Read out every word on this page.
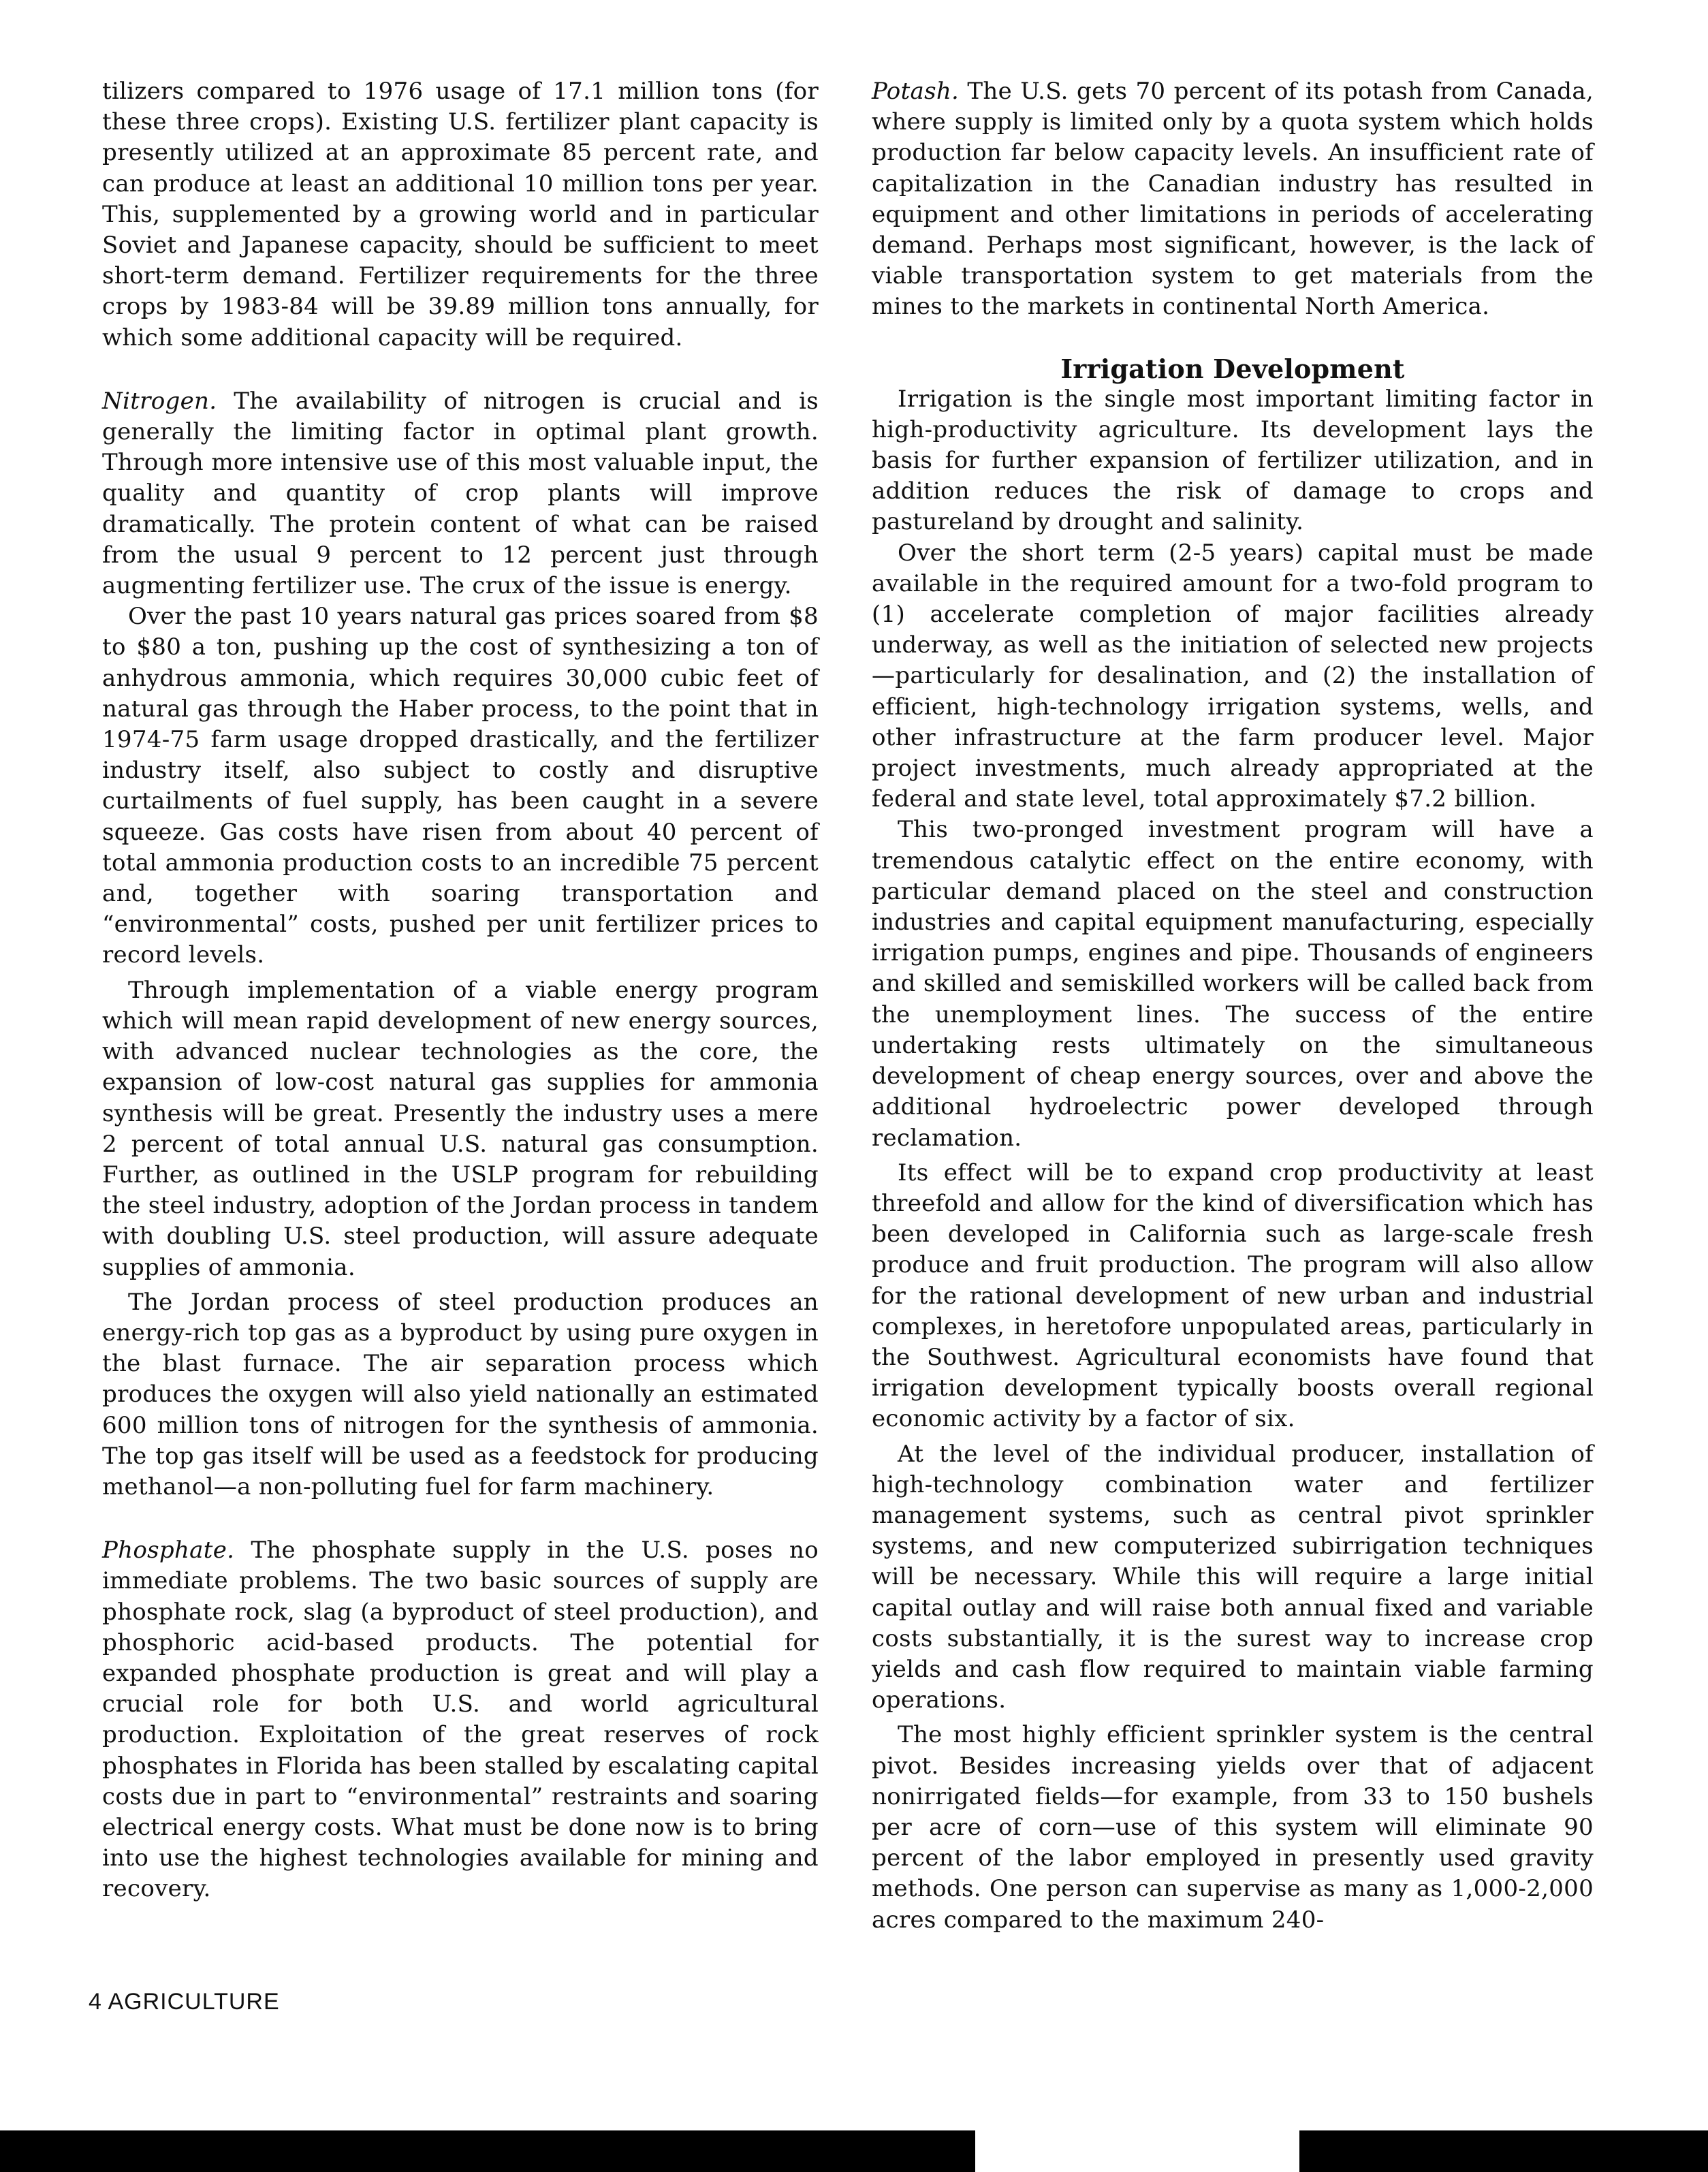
tilizers compared to 1976 usage of 17.1 million tons (for these three crops). Existing U.S. fertilizer plant capacity is presently utilized at an approximate 85 percent rate, and can produce at least an additional 10 million tons per year. This, supplemented by a growing world and in particular Soviet and Japanese capacity, should be sufficient to meet short-term demand. Fertilizer requirements for the three crops by 1983-84 will be 39.89 million tons annually, for which some additional capacity will be required.

Nitrogen. The availability of nitrogen is crucial and is generally the limiting factor in optimal plant growth. Through more intensive use of this most valuable input, the quality and quantity of crop plants will improve dramatically. The protein content of what can be raised from the usual 9 percent to 12 percent just through augmenting fertilizer use. The crux of the issue is energy.

Over the past 10 years natural gas prices soared from $8 to $80 a ton, pushing up the cost of synthesizing a ton of anhydrous ammonia, which requires 30,000 cubic feet of natural gas through the Haber process, to the point that in 1974-75 farm usage dropped drastically, and the fertilizer industry itself, also subject to costly and disruptive curtailments of fuel supply, has been caught in a severe squeeze. Gas costs have risen from about 40 percent of total ammonia production costs to an incredible 75 percent and, together with soaring transportation and “environmental” costs, pushed per unit fertilizer prices to record levels.

Through implementation of a viable energy program which will mean rapid development of new energy sources, with advanced nuclear technologies as the core, the expansion of low-cost natural gas supplies for ammonia synthesis will be great. Presently the industry uses a mere 2 percent of total annual U.S. natural gas consumption. Further, as outlined in the USLP program for rebuilding the steel industry, adoption of the Jordan process in tandem with doubling U.S. steel production, will assure adequate supplies of ammonia.

The Jordan process of steel production produces an energy-rich top gas as a byproduct by using pure oxygen in the blast furnace. The air separation process which produces the oxygen will also yield nationally an estimated 600 million tons of nitrogen for the synthesis of ammonia. The top gas itself will be used as a feedstock for producing methanol—a non-polluting fuel for farm machinery.

Phosphate. The phosphate supply in the U.S. poses no immediate problems. The two basic sources of supply are phosphate rock, slag (a byproduct of steel production), and phosphoric acid-based products. The potential for expanded phosphate production is great and will play a crucial role for both U.S. and world agricultural production. Exploitation of the great reserves of rock phosphates in Florida has been stalled by escalating capital costs due in part to “environmental” restraints and soaring electrical energy costs. What must be done now is to bring into use the highest technologies available for mining and recovery.

Potash. The U.S. gets 70 percent of its potash from Canada, where supply is limited only by a quota system which holds production far below capacity levels. An insufficient rate of capitalization in the Canadian industry has resulted in equipment and other limitations in periods of accelerating demand. Perhaps most significant, however, is the lack of viable transportation system to get materials from the mines to the markets in continental North America.

Irrigation Development

Irrigation is the single most important limiting factor in high-productivity agriculture. Its development lays the basis for further expansion of fertilizer utilization, and in addition reduces the risk of damage to crops and pastureland by drought and salinity.

Over the short term (2-5 years) capital must be made available in the required amount for a two-fold program to (1) accelerate completion of major facilities already underway, as well as the initiation of selected new projects—particularly for desalination, and (2) the installation of efficient, high-technology irrigation systems, wells, and other infrastructure at the farm producer level. Major project investments, much already appropriated at the federal and state level, total approximately $7.2 billion.

This two-pronged investment program will have a tremendous catalytic effect on the entire economy, with particular demand placed on the steel and construction industries and capital equipment manufacturing, especially irrigation pumps, engines and pipe. Thousands of engineers and skilled and semiskilled workers will be called back from the unemployment lines. The success of the entire undertaking rests ultimately on the simultaneous development of cheap energy sources, over and above the additional hydroelectric power developed through reclamation.

Its effect will be to expand crop productivity at least threefold and allow for the kind of diversification which has been developed in California such as large-scale fresh produce and fruit production. The program will also allow for the rational development of new urban and industrial complexes, in heretofore unpopulated areas, particularly in the Southwest. Agricultural economists have found that irrigation development typically boosts overall regional economic activity by a factor of six.

At the level of the individual producer, installation of high-technology combination water and fertilizer management systems, such as central pivot sprinkler systems, and new computerized subirrigation techniques will be necessary. While this will require a large initial capital outlay and will raise both annual fixed and variable costs substantially, it is the surest way to increase crop yields and cash flow required to maintain viable farming operations.

The most highly efficient sprinkler system is the central pivot. Besides increasing yields over that of adjacent nonirrigated fields—for example, from 33 to 150 bushels per acre of corn—use of this system will eliminate 90 percent of the labor employed in presently used gravity methods. One person can supervise as many as 1,000-2,000 acres compared to the maximum 240-

4 AGRICULTURE
